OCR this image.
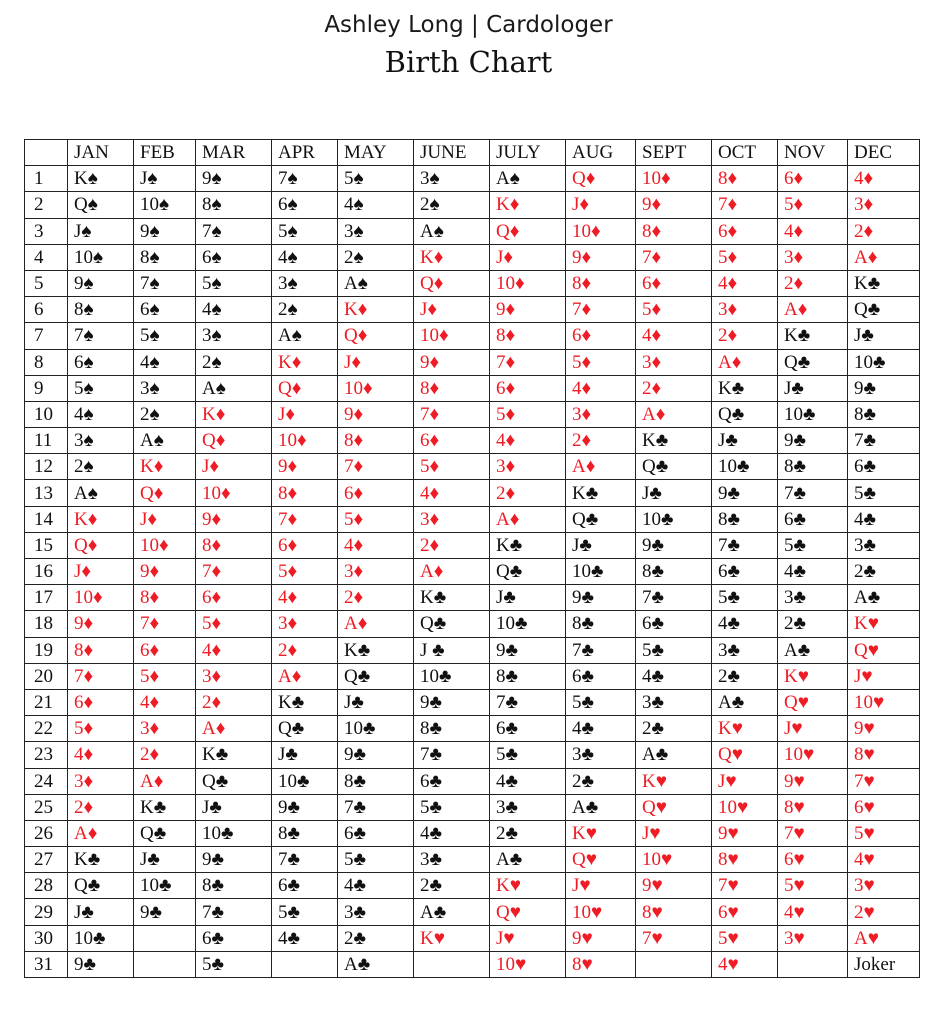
Ashley Long | Cardologer
Birth Chart
	JAN	FEB	MAR	APR	MAY	JUNE	JULY	AUG	SEPT	OCT	NOV	DEC
1	K♠	J♠	9♠	7♠	5♠	3♠	A♠	Q♦	10♦	8♦	6♦	4♦
2	Q♠	10♠	8♠	6♠	4♠	2♠	K♦	J♦	9♦	7♦	5♦	3♦
3	J♠	9♠	7♠	5♠	3♠	A♠	Q♦	10♦	8♦	6♦	4♦	2♦
4	10♠	8♠	6♠	4♠	2♠	K♦	J♦	9♦	7♦	5♦	3♦	A♦
5	9♠	7♠	5♠	3♠	A♠	Q♦	10♦	8♦	6♦	4♦	2♦	K♣
6	8♠	6♠	4♠	2♠	K♦	J♦	9♦	7♦	5♦	3♦	A♦	Q♣
7	7♠	5♠	3♠	A♠	Q♦	10♦	8♦	6♦	4♦	2♦	K♣	J♣
8	6♠	4♠	2♠	K♦	J♦	9♦	7♦	5♦	3♦	A♦	Q♣	10♣
9	5♠	3♠	A♠	Q♦	10♦	8♦	6♦	4♦	2♦	K♣	J♣	9♣
10	4♠	2♠	K♦	J♦	9♦	7♦	5♦	3♦	A♦	Q♣	10♣	8♣
11	3♠	A♠	Q♦	10♦	8♦	6♦	4♦	2♦	K♣	J♣	9♣	7♣
12	2♠	K♦	J♦	9♦	7♦	5♦	3♦	A♦	Q♣	10♣	8♣	6♣
13	A♠	Q♦	10♦	8♦	6♦	4♦	2♦	K♣	J♣	9♣	7♣	5♣
14	K♦	J♦	9♦	7♦	5♦	3♦	A♦	Q♣	10♣	8♣	6♣	4♣
15	Q♦	10♦	8♦	6♦	4♦	2♦	K♣	J♣	9♣	7♣	5♣	3♣
16	J♦	9♦	7♦	5♦	3♦	A♦	Q♣	10♣	8♣	6♣	4♣	2♣
17	10♦	8♦	6♦	4♦	2♦	K♣	J♣	9♣	7♣	5♣	3♣	A♣
18	9♦	7♦	5♦	3♦	A♦	Q♣	10♣	8♣	6♣	4♣	2♣	K♥
19	8♦	6♦	4♦	2♦	K♣	J ♣	9♣	7♣	5♣	3♣	A♣	Q♥
20	7♦	5♦	3♦	A♦	Q♣	10♣	8♣	6♣	4♣	2♣	K♥	J♥
21	6♦	4♦	2♦	K♣	J♣	9♣	7♣	5♣	3♣	A♣	Q♥	10♥
22	5♦	3♦	A♦	Q♣	10♣	8♣	6♣	4♣	2♣	K♥	J♥	9♥
23	4♦	2♦	K♣	J♣	9♣	7♣	5♣	3♣	A♣	Q♥	10♥	8♥
24	3♦	A♦	Q♣	10♣	8♣	6♣	4♣	2♣	K♥	J♥	9♥	7♥
25	2♦	K♣	J♣	9♣	7♣	5♣	3♣	A♣	Q♥	10♥	8♥	6♥
26	A♦	Q♣	10♣	8♣	6♣	4♣	2♣	K♥	J♥	9♥	7♥	5♥
27	K♣	J♣	9♣	7♣	5♣	3♣	A♣	Q♥	10♥	8♥	6♥	4♥
28	Q♣	10♣	8♣	6♣	4♣	2♣	K♥	J♥	9♥	7♥	5♥	3♥
29	J♣	9♣	7♣	5♣	3♣	A♣	Q♥	10♥	8♥	6♥	4♥	2♥
30	10♣		6♣	4♣	2♣	K♥	J♥	9♥	7♥	5♥	3♥	A♥
31	9♣		5♣		A♣		10♥	8♥		4♥		Joker
